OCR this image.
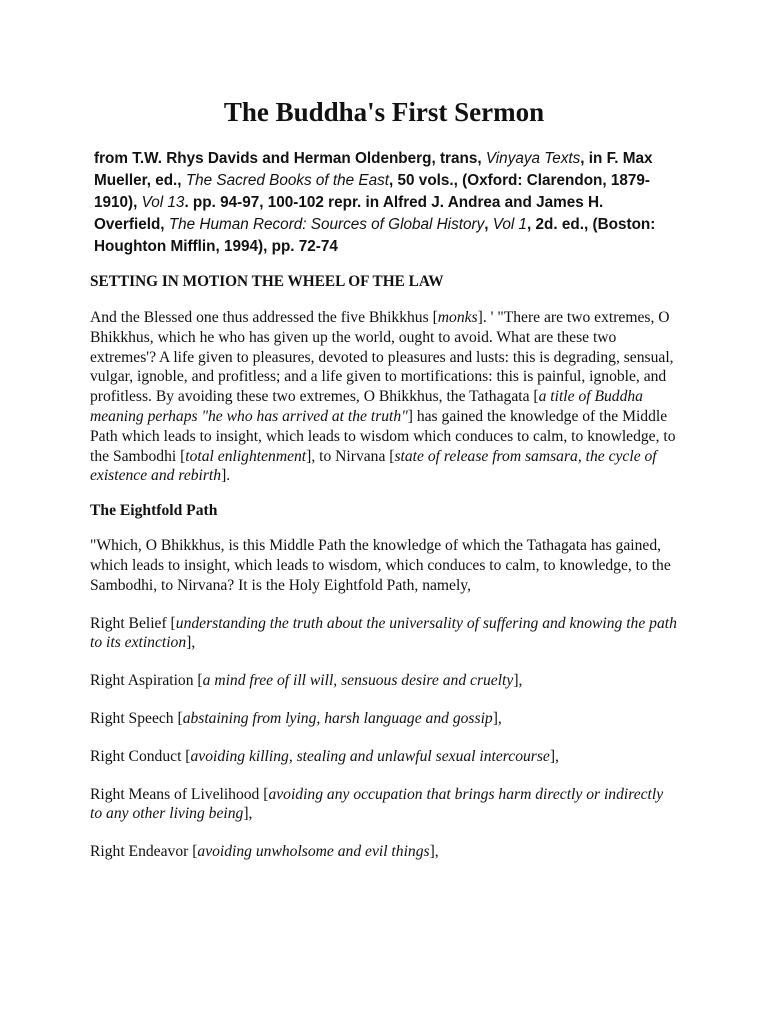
The Buddha's First Sermon

from T.W. Rhys Davids and Herman Oldenberg, trans, Vinyaya Texts, in F. Max Mueller, ed., The Sacred Books of the East, 50 vols., (Oxford: Clarendon, 1879-1910), Vol 13. pp. 94-97, 100-102 repr. in Alfred J. Andrea and James H. Overfield, The Human Record: Sources of Global History, Vol 1, 2d. ed., (Boston: Houghton Mifflin, 1994), pp. 72-74

SETTING IN MOTION THE WHEEL OF THE LAW

And the Blessed one thus addressed the five Bhikkhus [monks]. ' "There are two extremes, O Bhikkhus, which he who has given up the world, ought to avoid. What are these two extremes'? A life given to pleasures, devoted to pleasures and lusts: this is degrading, sensual, vulgar, ignoble, and profitless; and a life given to mortifications: this is painful, ignoble, and profitless. By avoiding these two extremes, O Bhikkhus, the Tathagata [a title of Buddha meaning perhaps "he who has arrived at the truth"] has gained the knowledge of the Middle Path which leads to insight, which leads to wisdom which conduces to calm, to knowledge, to the Sambodhi [total enlightenment], to Nirvana [state of release from samsara, the cycle of existence and rebirth].

The Eightfold Path

"Which, O Bhikkhus, is this Middle Path the knowledge of which the Tathagata has gained, which leads to insight, which leads to wisdom, which conduces to calm, to knowledge, to the Sambodhi, to Nirvana? It is the Holy Eightfold Path, namely,

Right Belief [understanding the truth about the universality of suffering and knowing the path to its extinction],

Right Aspiration [a mind free of ill will, sensuous desire and cruelty],

Right Speech [abstaining from lying, harsh language and gossip],

Right Conduct [avoiding killing, stealing and unlawful sexual intercourse],

Right Means of Livelihood [avoiding any occupation that brings harm directly or indirectly to any other living being],

Right Endeavor [avoiding unwholsome and evil things],
